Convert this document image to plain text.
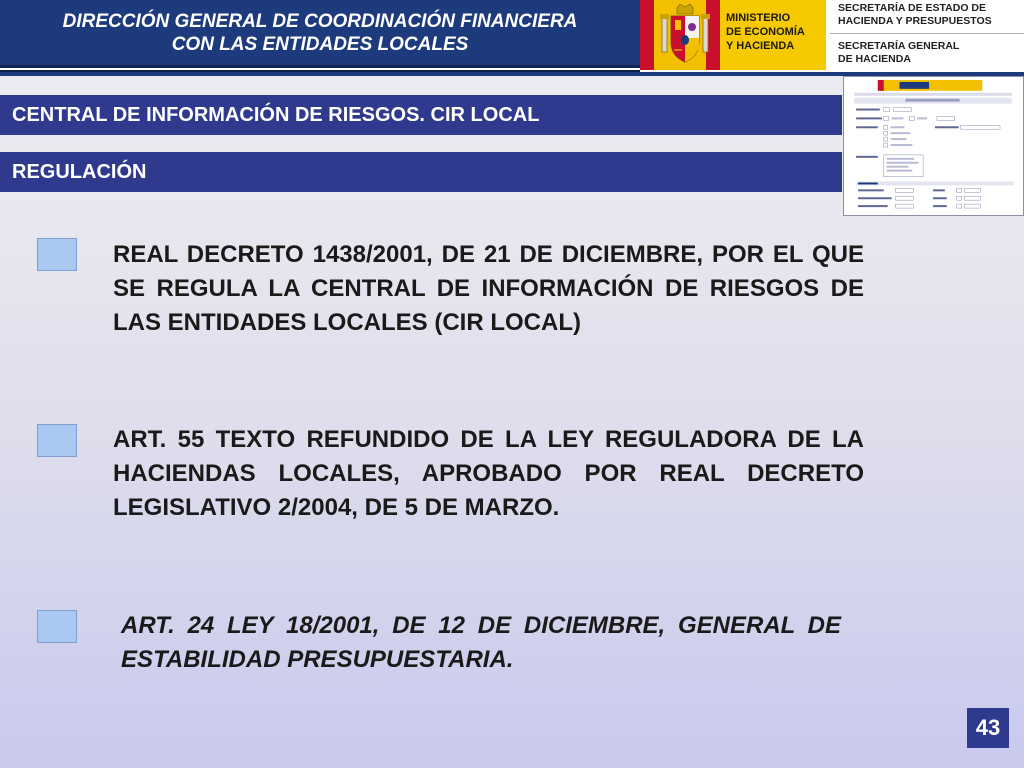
DIRECCIÓN GENERAL DE COORDINACIÓN FINANCIERA
CON LAS ENTIDADES LOCALES
MINISTERIO
DE ECONOMÍA
Y HACIENDA
SECRETARÍA DE ESTADO DE
HACIENDA Y PRESUPUESTOS
SECRETARÍA GENERAL
DE HACIENDA
CENTRAL DE INFORMACIÓN DE RIESGOS. CIR LOCAL
REGULACIÓN
REAL DECRETO 1438/2001, DE 21 DE DICIEMBRE, POR EL QUE SE REGULA LA CENTRAL DE INFORMACIÓN DE RIESGOS DE LAS ENTIDADES LOCALES (CIR LOCAL)
ART. 55 TEXTO REFUNDIDO DE LA LEY REGULADORA DE LA HACIENDAS LOCALES, APROBADO POR REAL DECRETO LEGISLATIVO 2/2004, DE 5 DE MARZO.
ART. 24 LEY 18/2001, DE 12 DE DICIEMBRE, GENERAL DE ESTABILIDAD PRESUPUESTARIA.
43
